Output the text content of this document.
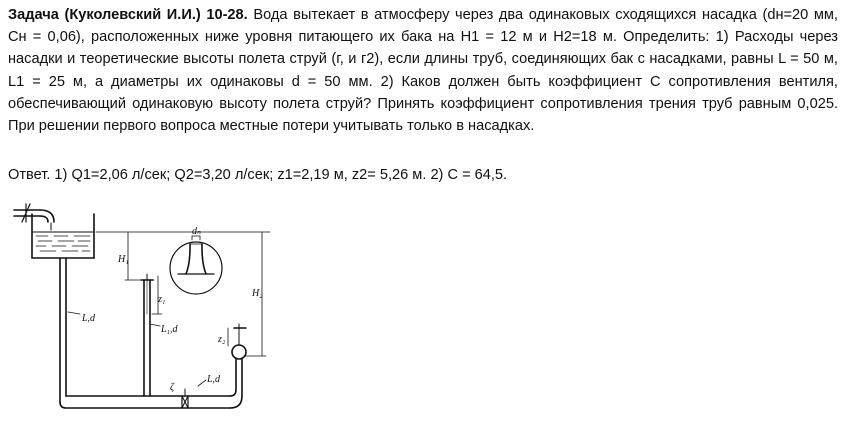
Задача (Куколевский И.И.) 10-28. Вода вытекает в атмосферу через два одинаковых сходящихся насадка (dн=20 мм, Cн = 0,06), расположенных ниже уровня питающего их бака на H1 = 12 м и H2=18 м. Определить: 1) Расходы через насадки и теоретические высоты полета струй (г, и г2), если длины труб, соединяющих бак с насадками, равны L = 50 м, L1 = 25 м, а диаметры их одинаковы d = 50 мм. 2) Каков должен быть коэффициент С сопротивления вентиля, обеспечивающий одинаковую высоту полета струй? Принять коэффициент сопротивления трения труб равным 0,025. При решении первого вопроса местные потери учитывать только в насадках.
Ответ. 1) Q1=2,06 л/сек; Q2=3,20 л/сек; z1=2,19 м, z2= 5,26 м. 2) C = 64,5.
L,d
L₁,d
L,d
H₁
H₂
z₁
z₂
dₙ
ζ
